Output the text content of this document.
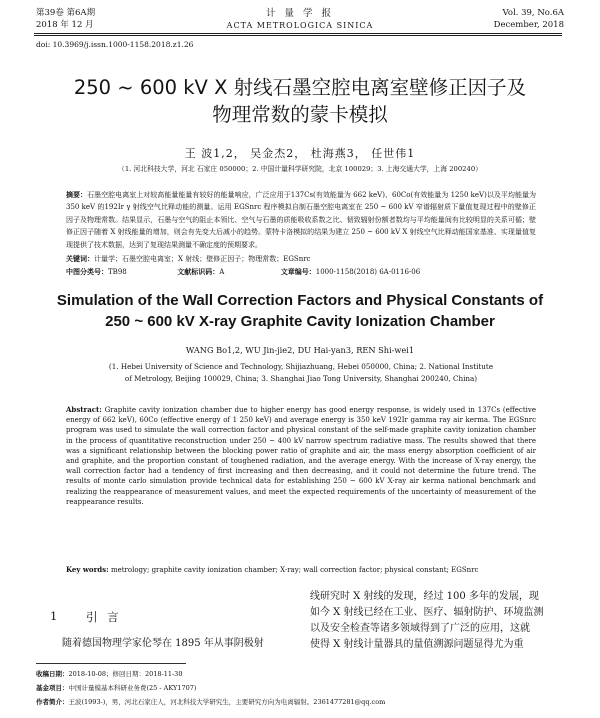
第39卷 第6A期
2018 年 12 月
计 量 学 报
ACTA METROLOGICA SINICA
Vol. 39, No.6A
December, 2018
doi: 10.3969/j.issn.1000-1158.2018.z1.26
250 ~ 600 kV X 射线石墨空腔电离室壁修正因子及
物理常数的蒙卡模拟
王 波1,2， 吴金杰2， 杜海燕3， 任世伟1
（1. 河北科技大学，河北 石家庄 050000；2. 中国计量科学研究院，北京 100029；3. 上海交通大学，上海 200240）
摘要：石墨空腔电离室上对较高能量能量有较好的能量响应，广泛应用于137Cs(有效能量为 662 keV)、60Co(有效能量为 1250 keV)以及平均能量为 350 keV 的192Ir γ 射线空气比释动能的测量。运用 EGSnrc 程序模拟自制石墨空腔电离室在 250 ~ 600 kV 窄谱辐射质下量值复现过程中的壁修正因子及物理常数。结果显示，石墨与空气的阻止本领比、空气与石墨的质能吸收系数之比、韧致辐射份额者数均与平均能量间有比较明显的关系可循；壁修正因子随着 X 射线能量的增加，则会有先变大后减小的趋势。蒙特卡洛模拟的结果为建立 250 ~ 600 kV X 射线空气比释动能国家基准、实现量值复现提供了技术数据，达到了复现结果测量不确定度的预期要求。
关键词：计量学；石墨空腔电离室；X 射线；壁修正因子；物理常数；EGSnrc
中图分类号：TB98	文献标识码：A	文章编号：1000-1158(2018) 6A-0116-06
Simulation of the Wall Correction Factors and Physical Constants of
250 ~ 600 kV X-ray Graphite Cavity Ionization Chamber
WANG Bo1,2, WU Jin-jie2, DU Hai-yan3, REN Shi-wei1
(1. Hebei University of Science and Technology, Shijiazhuang, Hebei 050000, China; 2. National Institute
of Metrology, Beijing 100029, China; 3. Shanghai Jiao Tong University, Shanghai 200240, China)
Abstract: Graphite cavity ionization chamber due to higher energy has good energy response, is widely used in 137Cs (effective energy of 662 keV), 60Co (effective energy of 1 250 keV) and average energy is 350 keV 192Ir gamma ray air kerma. The EGSnrc program was used to simulate the wall correction factor and physical constant of the self-made graphite cavity ionization chamber in the process of quantitative reconstruction under 250 ~ 400 kV narrow spectrum radiative mass. The results showed that there was a significant relationship between the blocking power ratio of graphite and air, the mass energy absorption coefficient of air and graphite, and the proportion constant of toughened radiation, and the average energy. With the increase of X-ray energy, the wall correction factor had a tendency of first increasing and then decreasing, and it could not determine the future trend. The results of monte carlo simulation provide technical data for establishing 250 ~ 600 kV X-ray air kerma national benchmark and realizing the reappearance of measurement values, and meet the expected requirements of the uncertainty of measurement of the reappearance results.
Key words: metrology; graphite cavity ionization chamber; X-ray; wall correction factor; physical constant; EGSnrc
1 引 言
随着德国物理学家伦琴在 1895 年从事阴极射
线研究时 X 射线的发现，经过 100 多年的发展，现
如今 X 射线已经在工业、医疗、辐射防护、环境监测
以及安全检查等诸多领域得到了广泛的应用，这就
使得 X 射线计量器具的量值溯源问题显得尤为重
收稿日期：2018-10-08；修回日期：2018-11-30
基金项目：中国计量模基本科研业务费(25 - AKY1707)
作者简介：王波(1993-)，男，河北石家庄人，河北科技大学研究生，主要研究方向为电离辐射。2361477281@qq.com
